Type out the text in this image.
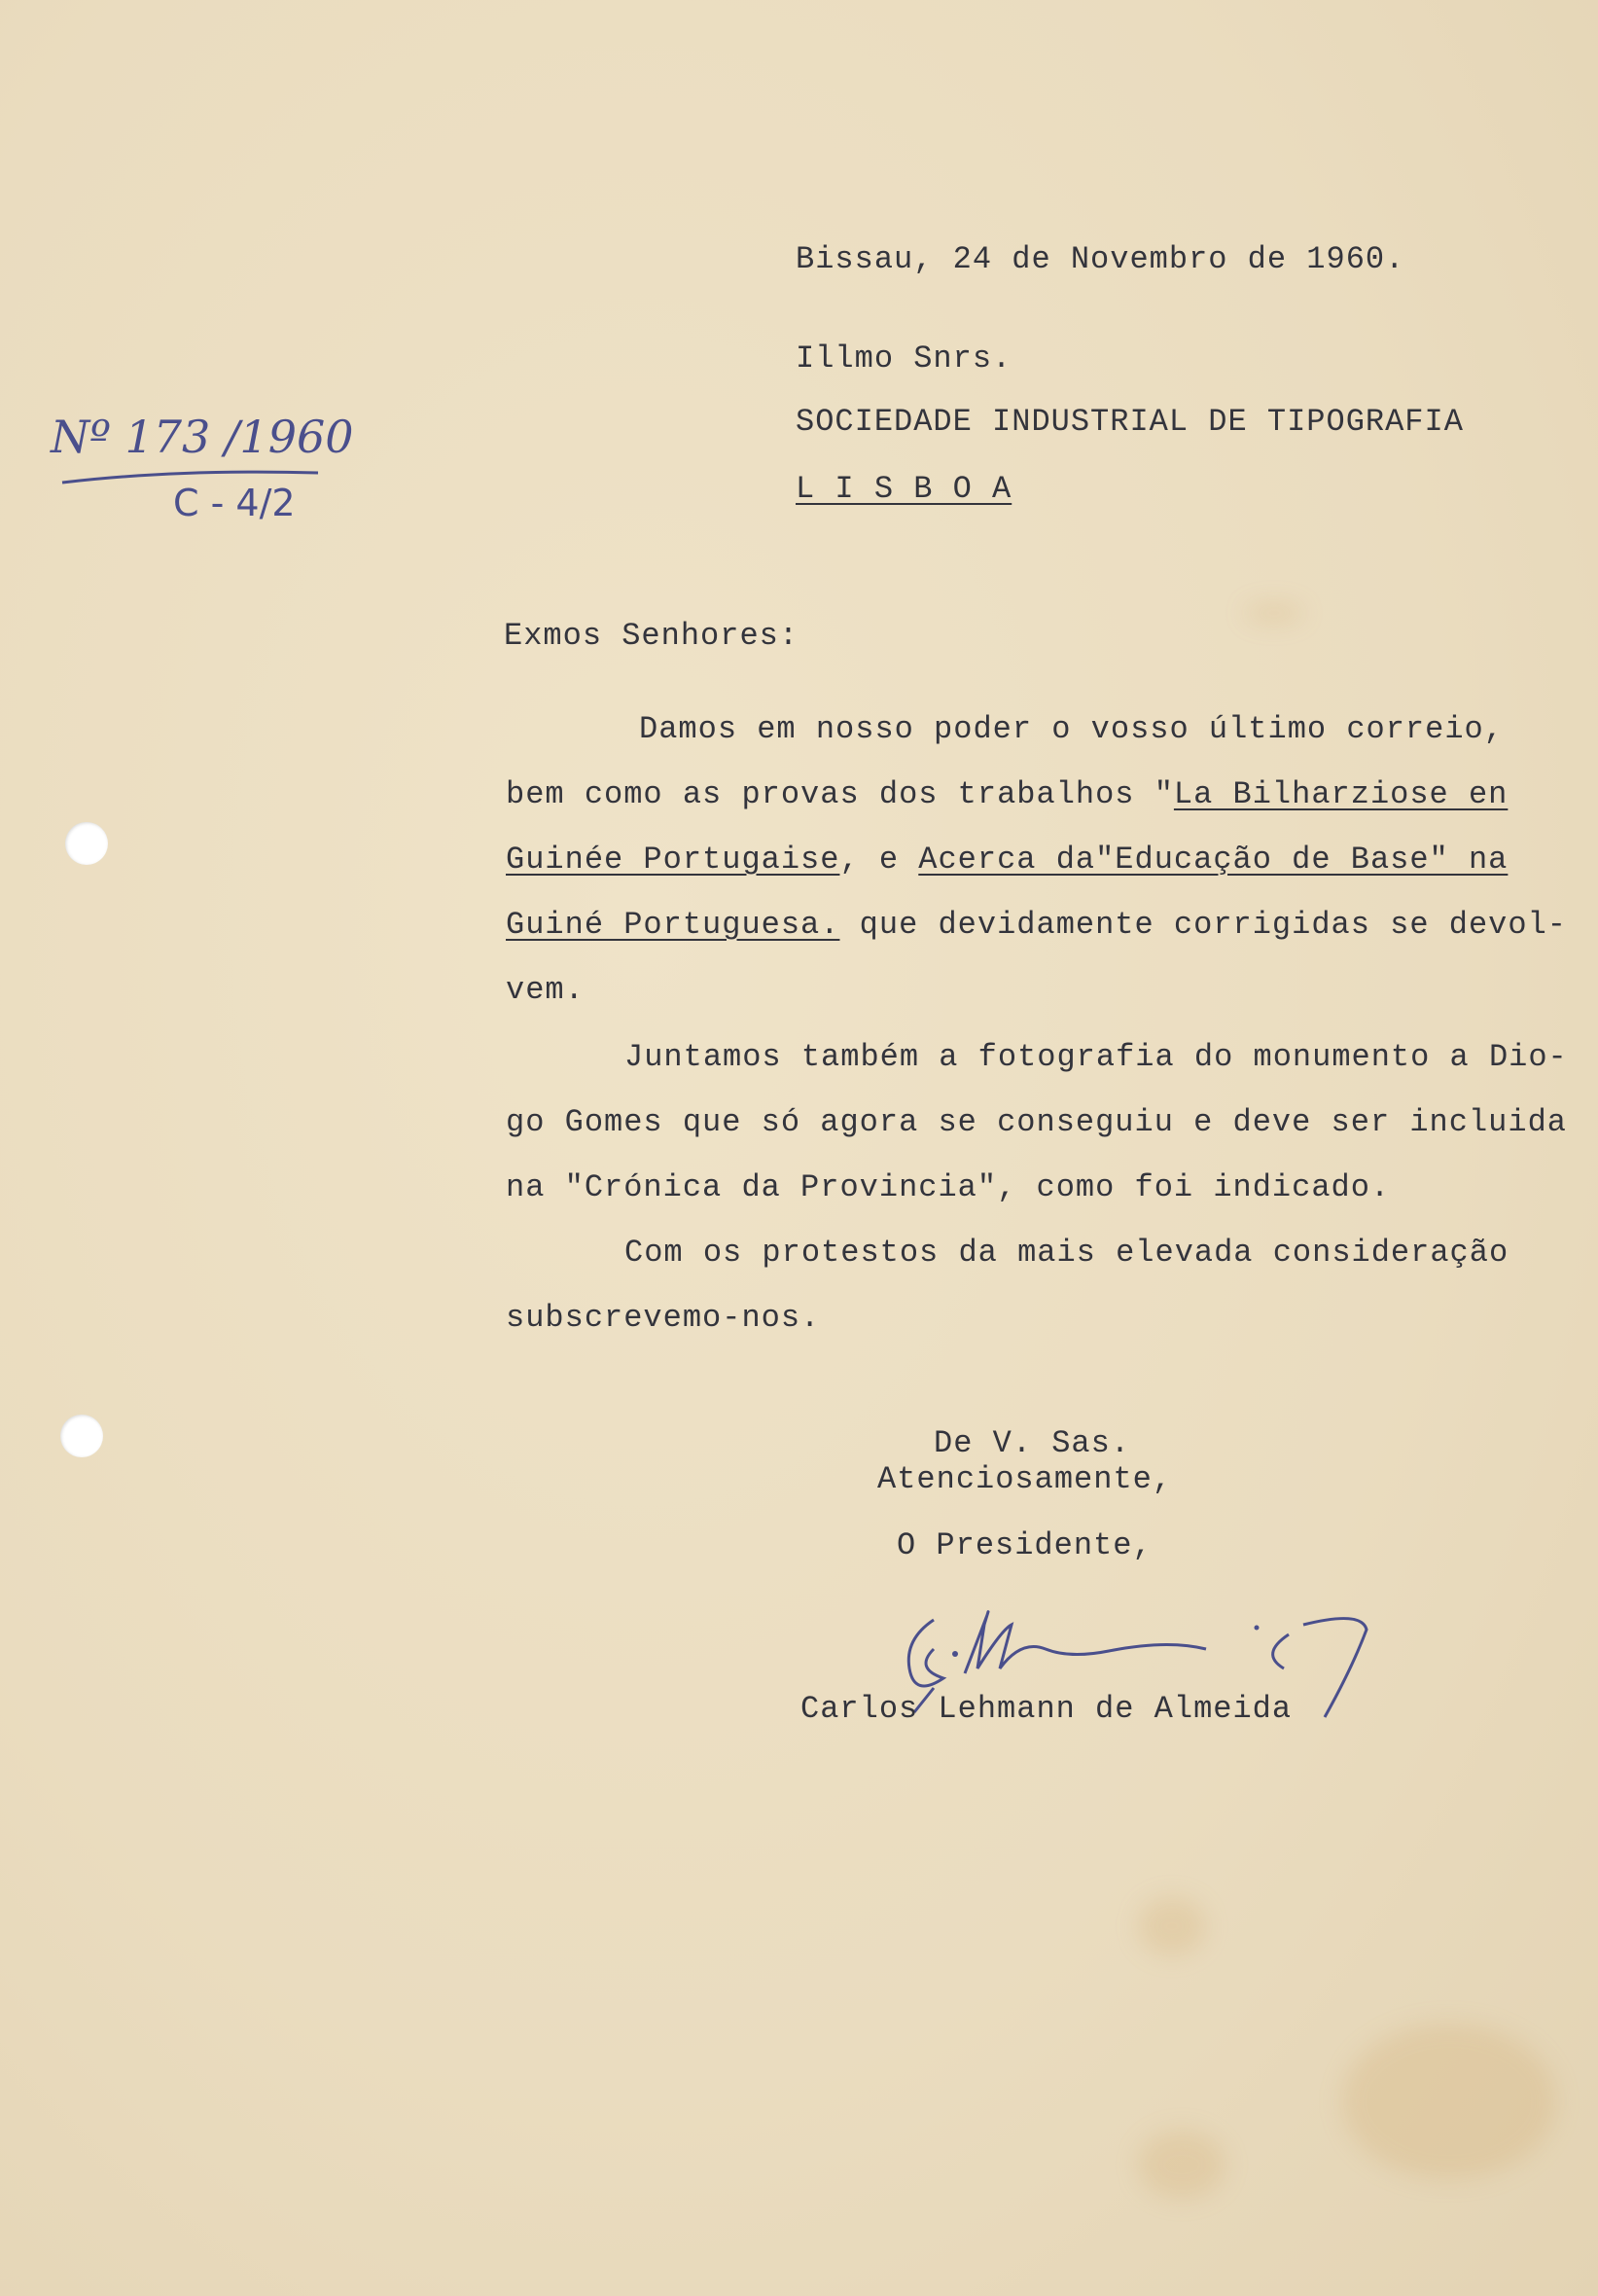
Nº 173 /1960
C - 4/2
Bissau, 24 de Novembro de 1960.
Illmo Snrs.
SOCIEDADE INDUSTRIAL DE TIPOGRAFIA
L I S B O A
Exmos Senhores:
Damos em nosso poder o vosso último correio,
bem como as provas dos trabalhos "La Bilharziose en
Guinée Portugaise, e Acerca da"Educação de Base" na
Guiné Portuguesa. que devidamente corrigidas se devol-
vem.
Juntamos também a fotografia do monumento a Dio-
go Gomes que só agora se conseguiu e deve ser incluida
na "Crónica da Provincia", como foi indicado.
Com os protestos da mais elevada consideração
subscrevemo-nos.
De V. Sas.
Atenciosamente,
O Presidente,
Carlos Lehmann de Almeida
